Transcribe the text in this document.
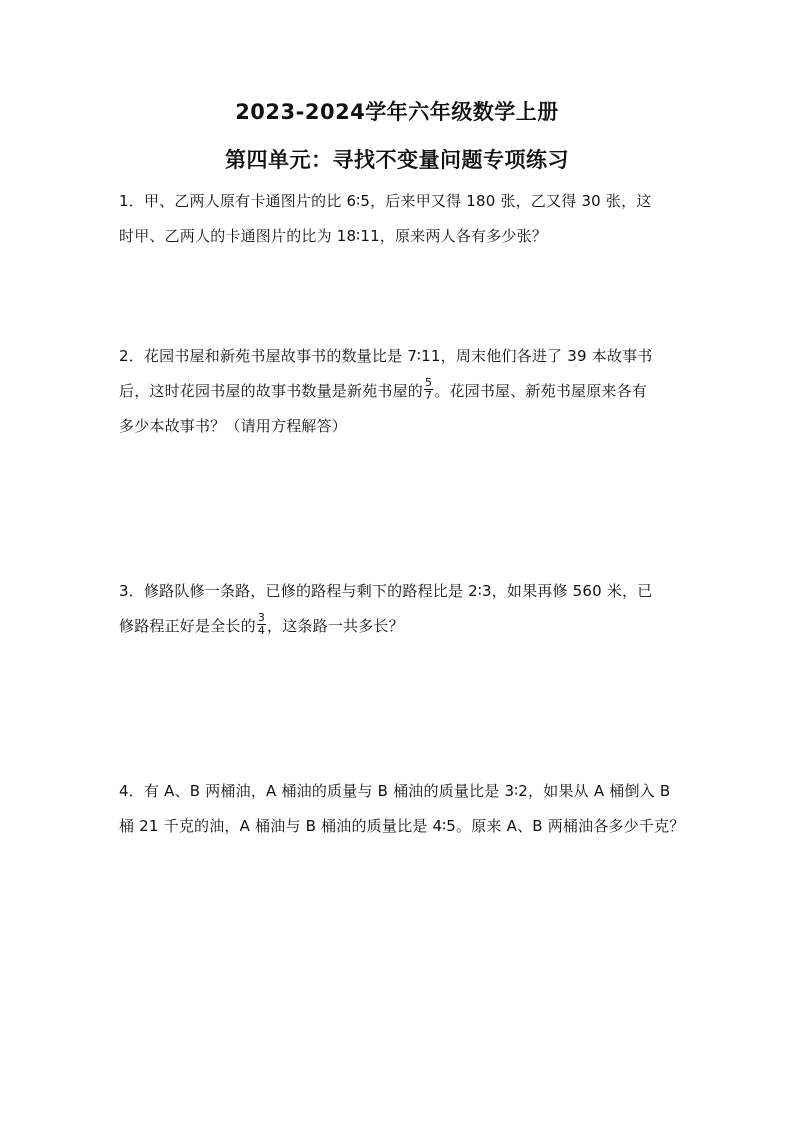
2023-2024学年六年级数学上册
第四单元：寻找不变量问题专项练习
1．甲、乙两人原有卡通图片的比 6∶5，后来甲又得 180 张，乙又得 30 张，这
时甲、乙两人的卡通图片的比为 18∶11，原来两人各有多少张？
2．花园书屋和新苑书屋故事书的数量比是 7∶11，周末他们各进了 39 本故事书
后，这时花园书屋的故事书数量是新苑书屋的 $\frac{5}{7}$ 。花园书屋、新苑书屋原来各有
多少本故事书？（请用方程解答）
3．修路队修一条路，已修的路程与剩下的路程比是 2∶3，如果再修 560 米，已
修路程正好是全长的 $\frac{3}{4}$ ，这条路一共多长？
4．有 A、B 两桶油，A 桶油的质量与 B 桶油的质量比是 3∶2，如果从 A 桶倒入 B
桶 21 千克的油，A 桶油与 B 桶油的质量比是 4∶5。原来 A、B 两桶油各多少千克？
